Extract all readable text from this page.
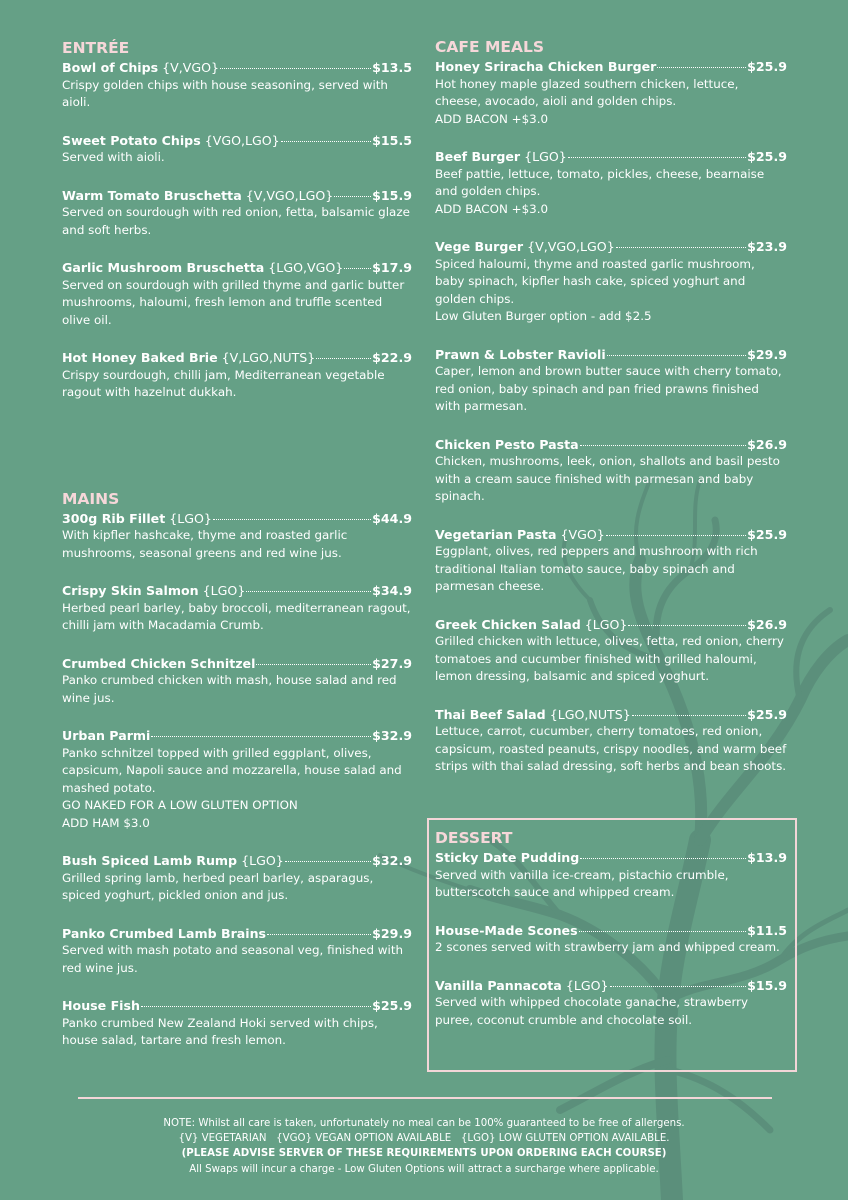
ENTRÉE
Bowl of Chips {V,VGO}	$13.5

Crispy golden chips with house seasoning, served with aioli.

Sweet Potato Chips {VGO,LGO}	$15.5

Served with aioli.

Warm Tomato Bruschetta {V,VGO,LGO}	$15.9

Served on sourdough with red onion, fetta, balsamic glaze and soft herbs.

Garlic Mushroom Bruschetta {LGO,VGO} $17.9

Served on sourdough with grilled thyme and garlic butter mushrooms, haloumi, fresh lemon and truffle scented olive oil.

Hot Honey Baked Brie {V,LGO,NUTS}	$22.9

Crispy sourdough, chilli jam, Mediterranean vegetable ragout with hazelnut dukkah.

MAINS
300g Rib Fillet {LGO}	$44.9

With kipfler hashcake, thyme and roasted garlic mushrooms, seasonal greens and red wine jus.

Crispy Skin Salmon {LGO}	$34.9

Herbed pearl barley, baby broccoli, mediterranean ragout, chilli jam with Macadamia Crumb.

Crumbed Chicken Schnitzel	$27.9

Panko crumbed chicken with mash, house salad and red wine jus.

Urban Parmi	$32.9

Panko schnitzel topped with grilled eggplant, olives, capsicum, Napoli sauce and mozzarella, house salad and mashed potato.

GO NAKED FOR A LOW GLUTEN OPTION

ADD HAM $3.0

Bush Spiced Lamb Rump {LGO}	$32.9

Grilled spring lamb, herbed pearl barley, asparagus, spiced yoghurt, pickled onion and jus.

Panko Crumbed Lamb Brains	$29.9

Served with mash potato and seasonal veg, finished with red wine jus.

House Fish	$25.9

Panko crumbed New Zealand Hoki served with chips, house salad, tartare and fresh lemon.

CAFE MEALS
Honey Sriracha Chicken Burger	$25.9

Hot honey maple glazed southern chicken, lettuce, cheese, avocado, aioli and golden chips.

ADD BACON +$3.0

Beef Burger {LGO}	$25.9

Beef pattie, lettuce, tomato, pickles, cheese, bearnaise and golden chips.

ADD BACON +$3.0

Vege Burger {V,VGO,LGO}	$23.9

Spiced haloumi, thyme and roasted garlic mushroom, baby spinach, kipfler hash cake, spiced yoghurt and golden chips.

Low Gluten Burger option - add $2.5

Prawn & Lobster Ravioli	$29.9

Caper, lemon and brown butter sauce with cherry tomato, red onion, baby spinach and pan fried prawns finished with parmesan.

Chicken Pesto Pasta	$26.9

Chicken, mushrooms, leek, onion, shallots and basil pesto with a cream sauce finished with parmesan and baby spinach.

Vegetarian Pasta {VGO}	$25.9

Eggplant, olives, red peppers and mushroom with rich traditional Italian tomato sauce, baby spinach and parmesan cheese.

Greek Chicken Salad {LGO}	$26.9

Grilled chicken with lettuce, olives, fetta, red onion, cherry tomatoes and cucumber finished with grilled haloumi, lemon dressing, balsamic and spiced yoghurt.

Thai Beef Salad {LGO,NUTS}	$25.9

Lettuce, carrot, cucumber, cherry tomatoes, red onion, capsicum, roasted peanuts, crispy noodles, and warm beef strips with thai salad dressing, soft herbs and bean shoots.

DESSERT
Sticky Date Pudding	$13.9

Served with vanilla ice-cream, pistachio crumble, butterscotch sauce and whipped cream.

House-Made Scones	$11.5

2 scones served with strawberry jam and whipped cream.

Vanilla Pannacota {LGO}	$15.9

Served with whipped chocolate ganache, strawberry puree, coconut crumble and chocolate soil.

NOTE: Whilst all care is taken, unfortunately no meal can be 100% guaranteed to be free of allergens.
{V} VEGETARIAN   {VGO} VEGAN OPTION AVAILABLE   {LGO} LOW GLUTEN OPTION AVAILABLE.
(PLEASE ADVISE SERVER OF THESE REQUIREMENTS UPON ORDERING EACH COURSE)
All Swaps will incur a charge - Low Gluten Options will attract a surcharge where applicable.
